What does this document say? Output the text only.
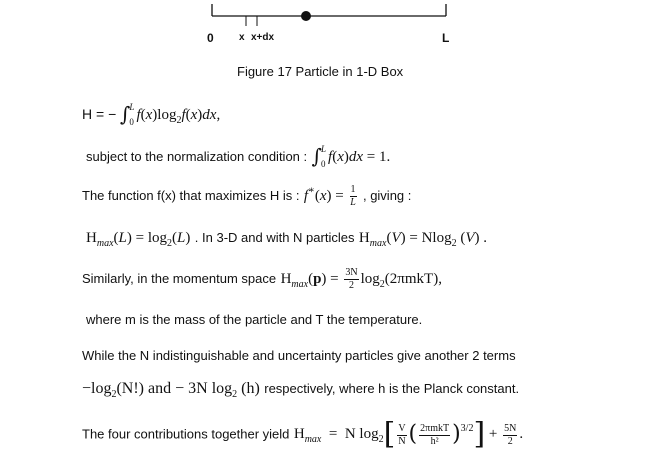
0	x x+dx	L
Figure 17 Particle in 1-D Box
H = − ∫ L
0 $f(x)\log_2f(x)dx$,
subject to the normalization condition : ∫ L
0 f(x)dx = 1.
The function f(x) that maximizes H is : $f^∗(x) = \frac{1}{L}$ , giving :
$H_{max}(L) = \log_2(L)$ . In 3-D and with N particles $H_{max}(V) = Nlog_2$ (V) .
Similarly, in the momentum space $H_{max}(p) = \frac{3N}{2} \log_2(2\pi mkT)$,
where m is the mass of the particle and T the temperature.
While the N indistinguishable and uncertainty particles give another 2 terms
$-\log_2(N!)$ and − 3N $\log_2 (h)$ respectively, where h is the Planck constant.
The four contributions together yield $H_{max} = N$ $\log_2[ \frac{V}{N}$ ( $\frac{\text{2πmkT}}{\text{h²}} )^{3/2}] + \frac{5N}{2}$ .
